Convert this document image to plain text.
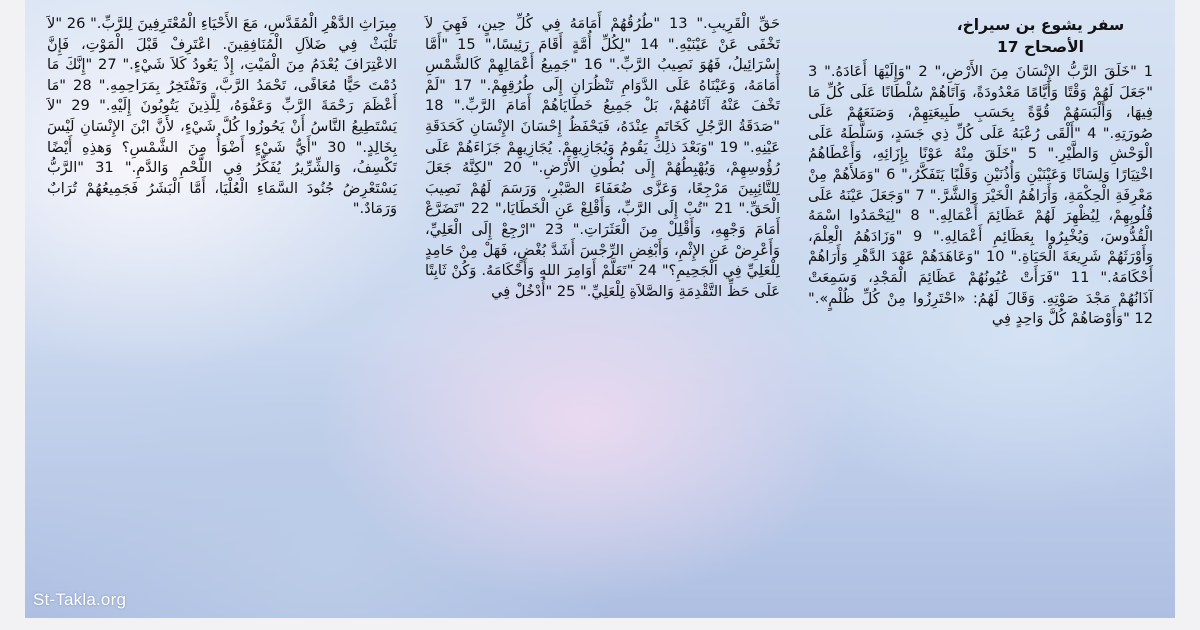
سفر يشوع بن سيراخ، الأصحاح 17

1 "خَلَقَ الرَّبُّ الإِنْسَانَ مِنَ الأَرْضِ،" 2 "وَإِلَيْهَا أَعَادَهُ." 3 "جَعَلَ لَهُمْ وَقْتًا وَأَيَّامًا مَعْدُودَةً، وَآتَاهُمْ سُلْطَانًا عَلَى كُلِّ مَا فِيهَا، وَأَلْبَسَهُمْ قُوَّةً بِحَسَبِ طَبِيعَتِهِمْ، وَصَنَعَهُمْ عَلَى صُورَتِهِ." 4 "أَلْقَى رُعْبَهُ عَلَى كُلِّ ذِي جَسَدٍ، وَسَلَّطَهُ عَلَى الْوَحْشِ وَالطَّيْرِ." 5 "خَلَقَ مِنْهُ عَوْنًا بِإِزَائِهِ، وَأَعْطَاهُمُ اخْتِيَارًا وَلِسَانًا وَعَيْنَيْنِ وَأُذُنَيْنِ وَقَلْبًا يَتَفَكَّرُ،" 6 "وَمَلأَهُمْ مِنْ مَعْرِفَةِ الْحِكْمَةِ، وَأَرَاهُمُ الْخَيْرَ وَالشَّرَّ." 7 "وَجَعَلَ عَيْنَهُ عَلَى قُلُوبِهِمْ، لِيُظْهِرَ لَهُمْ عَظَائِمَ أَعْمَالِهِ." 8 "لِيَحْمَدُوا اسْمَهُ الْقُدُّوسَ، وَيُخْبِرُوا بِعَظَائِمِ أَعْمَالِهِ." 9 "وَزَادَهُمُ الْعِلْمَ، وَأَوْرَثَهُمْ شَرِيعَةَ الْحَيَاةِ." 10 "وَعَاهَدَهُمْ عَهْدَ الدَّهْرِ وَأَرَاهُمْ أَحْكَامَهُ." 11 "فَرَأَتْ عُيُونُهُمْ عَظَائِمَ الْمَجْدِ، وَسَمِعَتْ آذَانُهُمْ مَجْدَ صَوْتِهِ. وَقَالَ لَهُمُ: «احْتَرِزُوا مِنْ كُلِّ ظُلْمٍ»." 12 "وَأَوْصَاهُمْ كُلَّ وَاحِدٍ فِي

حَقِّ الْقَرِيبِ." 13 "طُرُقُهُمْ أَمَامَهُ فِي كُلِّ حِينٍ، فَهِيَ لاَ تَخْفَى عَنْ عَيْنَيْهِ." 14 "لِكُلِّ أُمَّةٍ أَقَامَ رَئِيسًا،" 15 "أَمَّا إِسْرَائِيلُ، فَهُوَ نَصِيبُ الرَّبِّ." 16 "جَمِيعُ أَعْمَالِهِمْ كَالشَّمْسِ أَمَامَهُ، وَعَيْنَاهُ عَلَى الدَّوَامِ تَنْظُرَانِ إِلَى طُرُقِهِمْ." 17 "لَمْ تَخْفَ عَنْهُ آثَامُهُمْ، بَلْ جَمِيعُ خَطَايَاهُمْ أَمَامَ الرَّبِّ." 18 "صَدَقَةُ الرَّجُلِ كَخَاتَمٍ عِنْدَهُ، فَيَحْفَظُ إِحْسَانَ الإِنْسَانِ كَحَدَقَةِ عَيْنِهِ." 19 "وَبَعْدَ ذلِكَ يَقُومُ وَيُجَازِيهِمْ. يُجَازِيهِمْ جَزَاءَهُمْ عَلَى رُؤُوسِهِمْ، وَيُهْبِطُهُمْ إِلَى بُطُونِ الأَرْضِ." 20 "لكِنَّهُ جَعَلَ لِلتَّائِبِينَ مَرْجِعًا، وَعَزَّى ضُعَفَاءَ الصَّبْرِ، وَرَسَمَ لَهُمْ نَصِيبَ الْحَقِّ." 21 "تُبْ إِلَى الرَّبِّ، وَأَقْلِعْ عَنِ الْخَطَايَا،" 22 "تَضَرَّعْ أَمَامَ وَجْهِهِ، وَأَقْلِلْ مِنَ الْعَثَرَاتِ." 23 "ارْجِعْ إِلَى الْعَلِيِّ، وَأَعْرِضْ عَنِ الإِثْمِ، وَأَبْغِضِ الرِّجْسَ أَشَدَّ بُغْضٍ، فَهَلْ مِنْ حَامِدٍ لِلْعَلِيِّ فِي الْجَحِيمِ؟" 24 "تَعَلَّمْ أَوَامِرَ اللهِ وَأَحْكَامَهُ. وَكُنْ ثَابِتًا عَلَى حَظِّ التَّقْدِمَةِ وَالصَّلاَةِ لِلْعَلِيِّ." 25 "أُدْخُلْ فِي

مِيرَاثِ الدَّهْرِ الْمُقَدَّسِ، مَعَ الأَحْيَاءِ الْمُعْتَرِفِينَ لِلرَّبِّ." 26 "لاَ تَلْبَثْ فِي ضَلاَلِ الْمُنَافِقِينَ. اعْتَرِفْ قَبْلَ الْمَوْتِ، فَإِنَّ الاعْتِرَافَ يُعْدَمُ مِنَ الْمَيْتِ، إِذْ يَعُودُ كَلاَ شَيْءٍ." 27 "إِنَّكَ مَا دُمْتَ حَيًّا مُعَافًى، تَحْمَدُ الرَّبَّ، وَتَفْتَخِرُ بِمَرَاحِمِهِ." 28 "مَا أَعْظَمَ رَحْمَةَ الرَّبِّ وَعَفْوَهُ، لِلَّذِينَ يَتُوبُونَ إِلَيْهِ." 29 "لاَ يَسْتَطِيعُ النَّاسُ أَنْ يَحُوزُوا كُلَّ شَيْءٍ، لأَنَّ ابْنَ الإِنْسَانِ لَيْسَ بِخَالِدٍ." 30 "أَيُّ شَيْءٍ أَضْوَأُ مِنَ الشَّمْسِ؟ وَهذِهِ أَيْضًا تَكْسِفُ، وَالشِّرِّيرُ يُفَكِّرُ فِي اللَّحْمِ وَالدَّمِ." 31 "الرَّبُّ يَسْتَعْرِضُ جُنُودَ السَّمَاءِ الْعُلْيَا، أَمَّا الْبَشَرُ فَجَمِيعُهُمْ تُرَابٌ وَرَمَادٌ."

St-Takla.org
